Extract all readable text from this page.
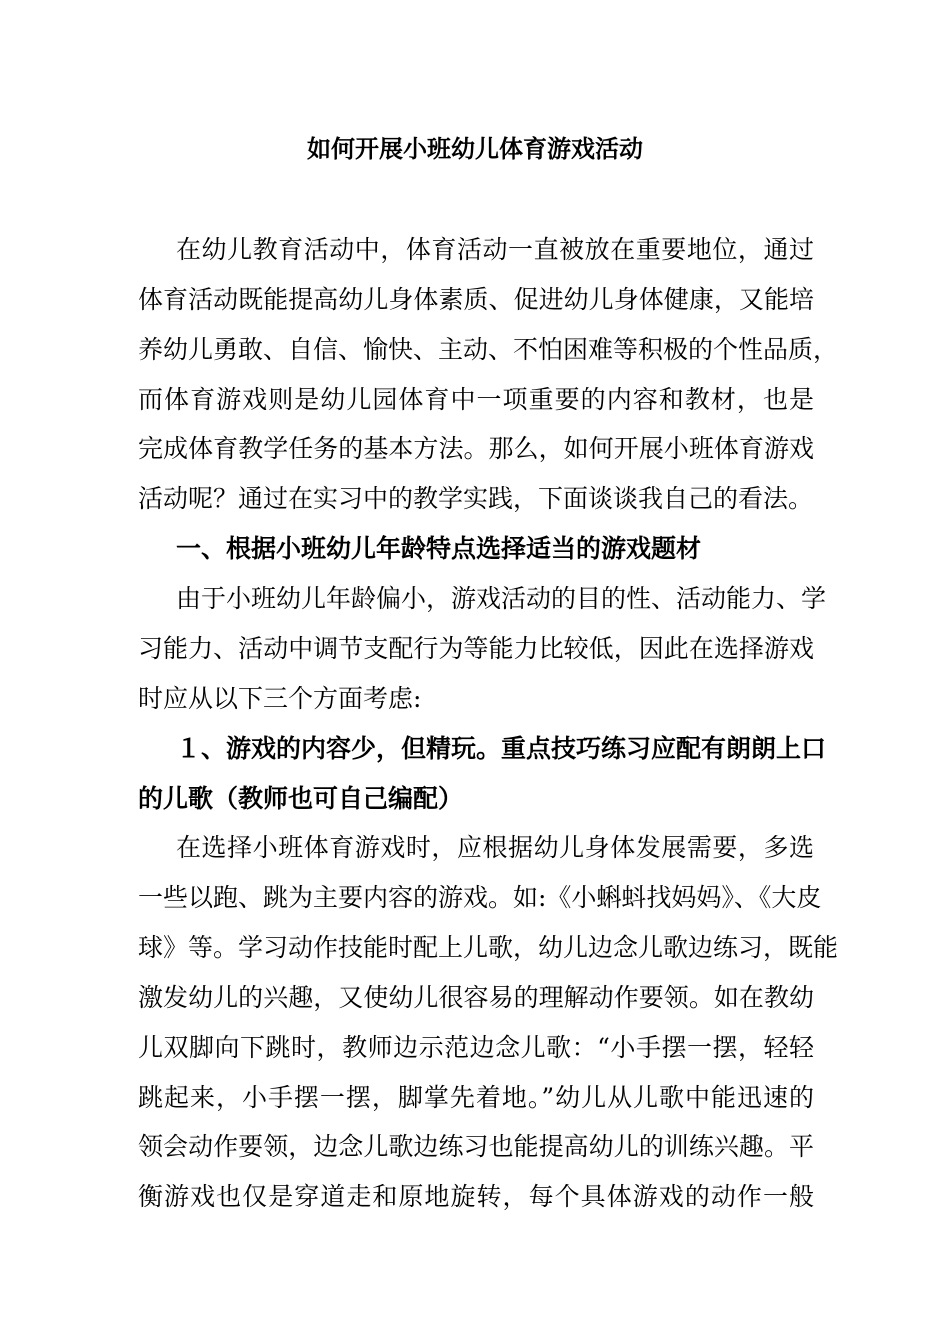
如何开展小班幼儿体育游戏活动
在幼儿教育活动中，体育活动一直被放在重要地位，通过
体育活动既能提高幼儿身体素质、促进幼儿身体健康，又能培
养幼儿勇敢、自信、愉快、主动、不怕困难等积极的个性品质，
而体育游戏则是幼儿园体育中一项重要的内容和教材，也是
完成体育教学任务的基本方法。那么，如何开展小班体育游戏
活动呢？通过在实习中的教学实践，下面谈谈我自己的看法。
一、根据小班幼儿年龄特点选择适当的游戏题材
由于小班幼儿年龄偏小，游戏活动的目的性、活动能力、学
习能力、活动中调节支配行为等能力比较低，因此在选择游戏
时应从以下三个方面考虑:
１、游戏的内容少，但精玩。重点技巧练习应配有朗朗上口
的儿歌（教师也可自己编配）
在选择小班体育游戏时，应根据幼儿身体发展需要，多选
一些以跑、跳为主要内容的游戏。如:《小蝌蚪找妈妈》、《大皮
球》等。学习动作技能时配上儿歌，幼儿边念儿歌边练习，既能
激发幼儿的兴趣，又使幼儿很容易的理解动作要领。如在教幼
儿双脚向下跳时，教师边示范边念儿歌：“小手摆一摆，轻轻
跳起来，小手摆一摆，脚掌先着地。”幼儿从儿歌中能迅速的
领会动作要领，边念儿歌边练习也能提高幼儿的训练兴趣。平
衡游戏也仅是穿道走和原地旋转，每个具体游戏的动作一般
